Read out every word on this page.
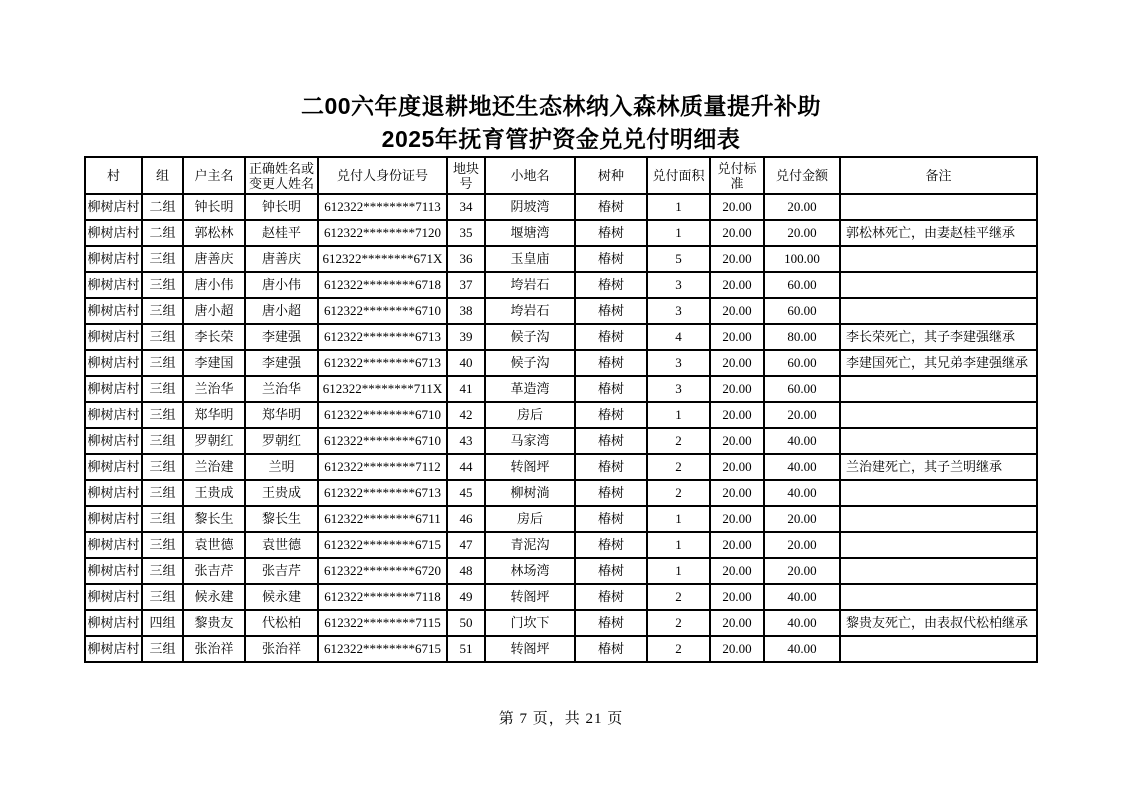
二00六年度退耕地还生态林纳入森林质量提升补助
2025年抚育管护资金兑兑付明细表
村	组	户主名	正确姓名或变更人姓名	兑付人身份证号	地块号	小地名	树种	兑付面积	兑付标准	兑付金额	备注
柳树店村	二组	钟长明	钟长明	612322********7113	34	阴坡湾	椿树	1	20.00	20.00	
柳树店村	二组	郭松林	赵桂平	612322********7120	35	堰塘湾	椿树	1	20.00	20.00	郭松林死亡，由妻赵桂平继承
柳树店村	三组	唐善庆	唐善庆	612322********671X	36	玉皇庙	椿树	5	20.00	100.00	
柳树店村	三组	唐小伟	唐小伟	612322********6718	37	垮岩石	椿树	3	20.00	60.00	
柳树店村	三组	唐小超	唐小超	612322********6710	38	垮岩石	椿树	3	20.00	60.00	
柳树店村	三组	李长荣	李建强	612322********6713	39	候子沟	椿树	4	20.00	80.00	李长荣死亡，其子李建强继承
柳树店村	三组	李建国	李建强	612322********6713	40	候子沟	椿树	3	20.00	60.00	李建国死亡，其兄弟李建强继承
柳树店村	三组	兰治华	兰治华	612322********711X	41	革造湾	椿树	3	20.00	60.00	
柳树店村	三组	郑华明	郑华明	612322********6710	42	房后	椿树	1	20.00	20.00	
柳树店村	三组	罗朝红	罗朝红	612322********6710	43	马家湾	椿树	2	20.00	40.00	
柳树店村	三组	兰治建	兰明	612322********7112	44	转阁坪	椿树	2	20.00	40.00	兰治建死亡，其子兰明继承
柳树店村	三组	王贵成	王贵成	612322********6713	45	柳树淌	椿树	2	20.00	40.00	
柳树店村	三组	黎长生	黎长生	612322********6711	46	房后	椿树	1	20.00	20.00	
柳树店村	三组	袁世德	袁世德	612322********6715	47	青泥沟	椿树	1	20.00	20.00	
柳树店村	三组	张吉芹	张吉芹	612322********6720	48	林场湾	椿树	1	20.00	20.00	
柳树店村	三组	候永建	候永建	612322********7118	49	转阁坪	椿树	2	20.00	40.00	
柳树店村	四组	黎贵友	代松柏	612322********7115	50	门坎下	椿树	2	20.00	40.00	黎贵友死亡，由表叔代松柏继承
柳树店村	三组	张治祥	张治祥	612322********6715	51	转阁坪	椿树	2	20.00	40.00	
第 7 页，共 21 页
